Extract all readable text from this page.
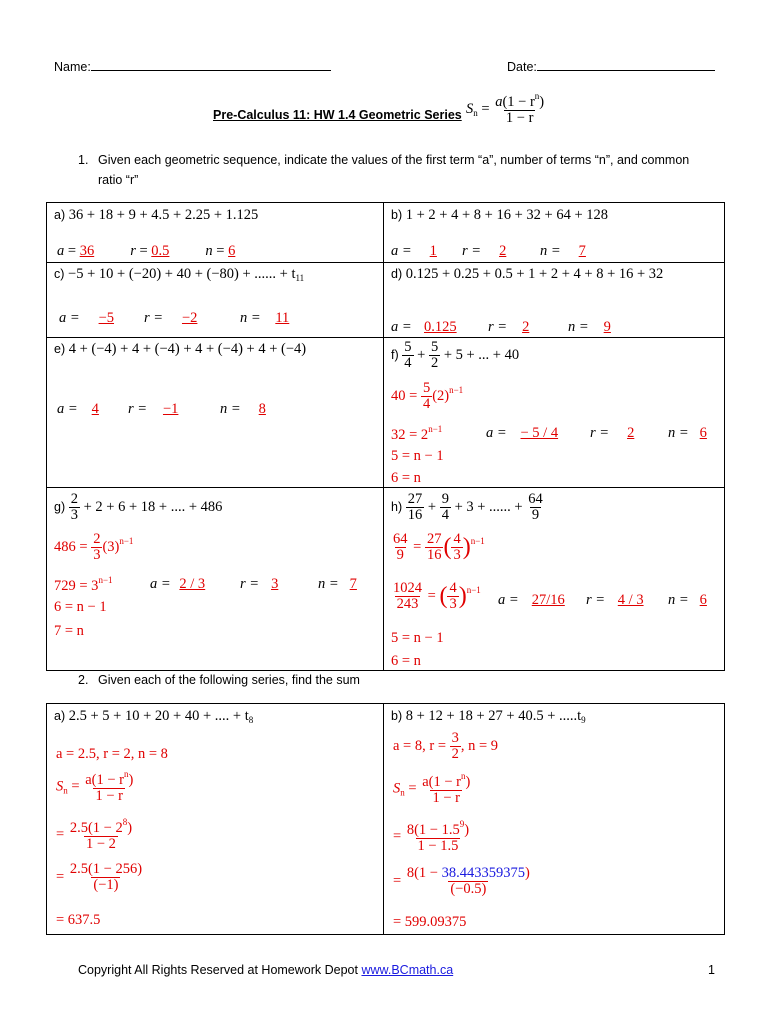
Name:	Date:
Pre-Calculus 11: HW 1.4 Geometric Series $S_n = \frac{a(1 - r^n)}{1 - r}$
1. Given each geometric sequence, indicate the values of the first term “a”, number of terms “n”, and common
ratio “r”
a) 36 + 18 + 9 + 4.5 + 2.25 + 1.125
a = 36 r = 0.5 n = 6
b) 1 + 2 + 4 + 8 + 16 + 32 + 64 + 128
a = 1	r = 2	n = 7
c) −5 + 10 + (−20) + 40 + (−80) + ...... + $t_{11}$
a = −5	r = −2	n = 11
d) 0.125 + 0.25 + 0.5 + 1 + 2 + 4 + 8 + 16 + 32
a = 0.125	r = 2	n = 9
e) 4 + (−4) + 4 + (−4) + 4 + (−4) + 4 + (−4)
a = 4	r = −1	n = 8
$f) \frac{5}{4} + \frac{5}{2} + 5$ + ... + 40
$40 = \frac{5}{4} (2)^{n-1}$
$32 = 2^{n-1}$
5 = n − 1
6 = n
a = − 5 / 4	r = 2	n = 6
$g) \frac{2}{3} + 2 + 6 + 18$ + .... + 486
$486 = \frac{2}{3} (3)^{n-1}$
$729 = 3^{n-1}$
6 = n − 1
7 = n
a = 2 / 3	r = 3	n = 7
$h) \frac{27}{16} + \frac{9}{4} + 3$ + ...... + $\frac{64}{9}$
$\frac{64}{9} = \frac{27}{16}$ ( $\frac{4}{3} )^{n-1}$
$\frac{1024}{243}$ = ( $\frac{4}{3} )^{n-1}$
5 = n − 1
6 = n
a = 27/16	r = 4 / 3	n = 6
2. Given each of the following series, find the sum
a) 2.5 + 5 + 10 + 20 + 40 + .... + $t_8$
a = 2.5, r = 2, n = 8
$S_n = \frac{a(1 - r^n)}{1 - r}$
= $\frac{2.5(1 - 2^8)}{1 - 2}$
= $\frac{2.5(1 - 256)}{(-1)}$
= 637.5
b) $8 + 12 + 18 + 27 + 40.5 + .....t_9$
a = 8, $r = \frac{3}{2}$ , n = 9
$S_n = \frac{a(1 - r^n)}{1 - r}$
= $\frac{8(1 - 1.5^9)}{1 - 1.5}$
= $\frac{8(1 - 38.443359375)}{(-0.5)}$
= 599.09375
Copyright All Rights Reserved at Homework Depot www.BCmath.ca	1
